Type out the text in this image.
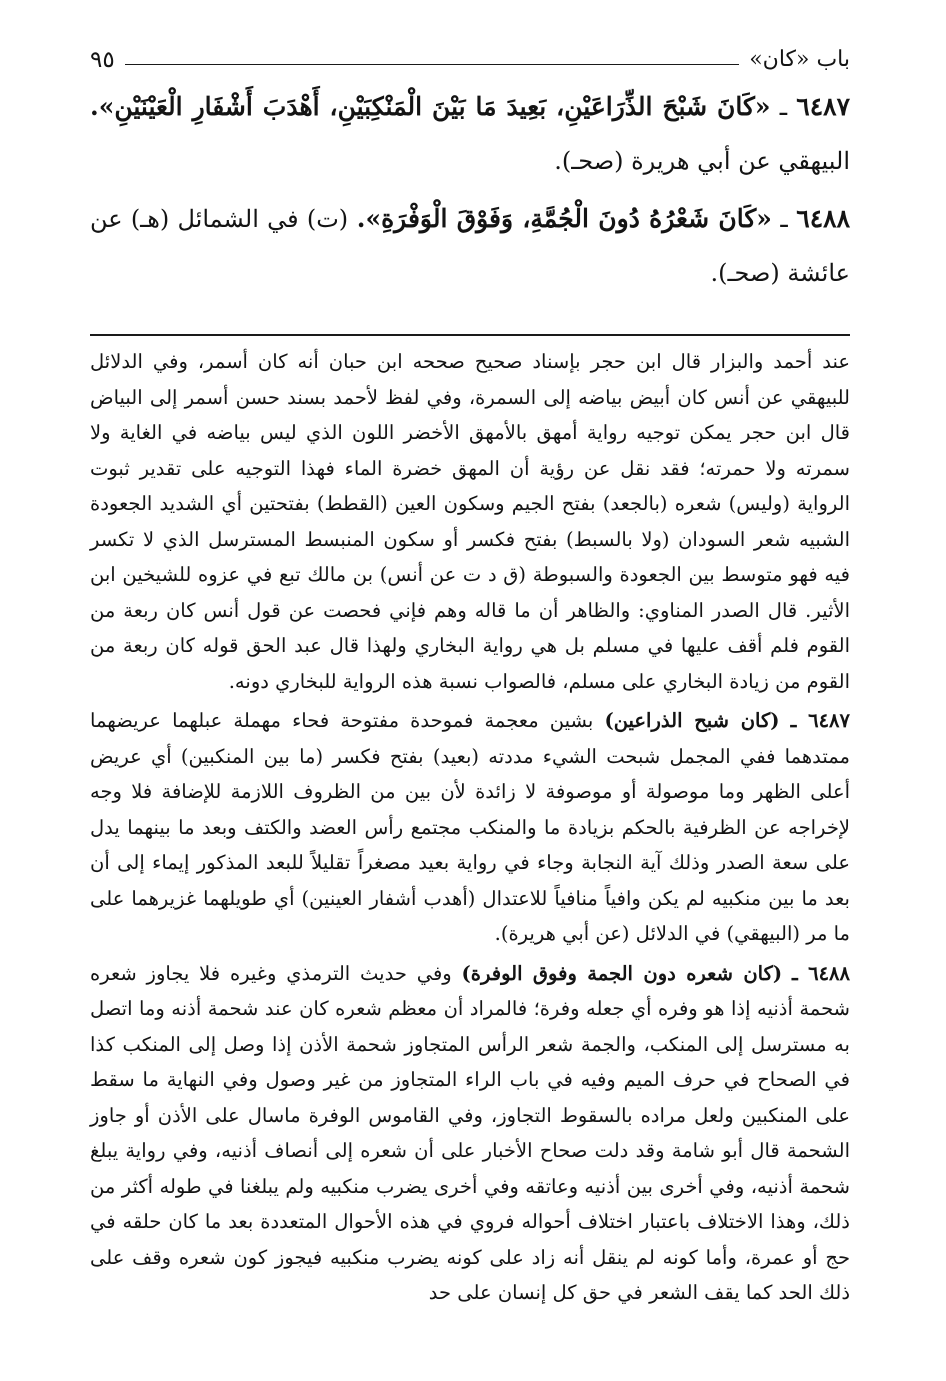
باب «كان»
٩٥

٦٤٨٧ ـ «كَانَ شَبْحَ الذِّرَاعَيْنِ، بَعِيدَ مَا بَيْنَ الْمَنْكِبَيْنِ، أَهْدَبَ أَشْفَارِ الْعَيْنَيْنِ». البيهقي عن أبي هريرة (صحـ).

٦٤٨٨ ـ «كَانَ شَعْرُهُ دُونَ الْجُمَّةِ، وَفَوْقَ الْوَفْرَةِ». (ت) في الشمائل (هـ) عن عائشة (صحـ).

عند أحمد والبزار قال ابن حجر بإسناد صحيح صححه ابن حبان أنه كان أسمر، وفي الدلائل للبيهقي عن أنس كان أبيض بياضه إلى السمرة، وفي لفظ لأحمد بسند حسن أسمر إلى البياض قال ابن حجر يمكن توجيه رواية أمهق بالأمهق الأخضر اللون الذي ليس بياضه في الغاية ولا سمرته ولا حمرته؛ فقد نقل عن رؤية أن المهق خضرة الماء فهذا التوجيه على تقدير ثبوت الرواية (وليس) شعره (بالجعد) بفتح الجيم وسكون العين (القطط) بفتحتين أي الشديد الجعودة الشبيه شعر السودان (ولا بالسبط) بفتح فكسر أو سكون المنبسط المسترسل الذي لا تكسر فيه فهو متوسط بين الجعودة والسبوطة (ق د ت عن أنس) بن مالك تبع في عزوه للشيخين ابن الأثير. قال الصدر المناوي: والظاهر أن ما قاله وهم فإني فحصت عن قول أنس كان ربعة من القوم فلم أقف عليها في مسلم بل هي رواية البخاري ولهذا قال عبد الحق قوله كان ربعة من القوم من زيادة البخاري على مسلم، فالصواب نسبة هذه الرواية للبخاري دونه.

٦٤٨٧ ـ (كان شبح الذراعين) بشين معجمة فموحدة مفتوحة فحاء مهملة عبلهما عريضهما ممتدهما ففي المجمل شبحت الشيء مددته (بعيد) بفتح فكسر (ما بين المنكبين) أي عريض أعلى الظهر وما موصولة أو موصوفة لا زائدة لأن بين من الظروف اللازمة للإضافة فلا وجه لإخراجه عن الظرفية بالحكم بزيادة ما والمنكب مجتمع رأس العضد والكتف وبعد ما بينهما يدل على سعة الصدر وذلك آية النجابة وجاء في رواية بعيد مصغراً تقليلاً للبعد المذكور إيماء إلى أن بعد ما بين منكبيه لم يكن وافياً منافياً للاعتدال (أهدب أشفار العينين) أي طويلهما غزيرهما على ما مر (البيهقي) في الدلائل (عن أبي هريرة).

٦٤٨٨ ـ (كان شعره دون الجمة وفوق الوفرة) وفي حديث الترمذي وغيره فلا يجاوز شعره شحمة أذنيه إذا هو وفره أي جعله وفرة؛ فالمراد أن معظم شعره كان عند شحمة أذنه وما اتصل به مسترسل إلى المنكب، والجمة شعر الرأس المتجاوز شحمة الأذن إذا وصل إلى المنكب كذا في الصحاح في حرف الميم وفيه في باب الراء المتجاوز من غير وصول وفي النهاية ما سقط على المنكبين ولعل مراده بالسقوط التجاوز، وفي القاموس الوفرة ماسال على الأذن أو جاوز الشحمة قال أبو شامة وقد دلت صحاح الأخبار على أن شعره إلى أنصاف أذنيه، وفي رواية يبلغ شحمة أذنيه، وفي أخرى بين أذنيه وعاتقه وفي أخرى يضرب منكبيه ولم يبلغنا في طوله أكثر من ذلك، وهذا الاختلاف باعتبار اختلاف أحواله فروي في هذه الأحوال المتعددة بعد ما كان حلقه في حج أو عمرة، وأما كونه لم ينقل أنه زاد على كونه يضرب منكبيه فيجوز كون شعره وقف على ذلك الحد كما يقف الشعر في حق كل إنسان على حد
